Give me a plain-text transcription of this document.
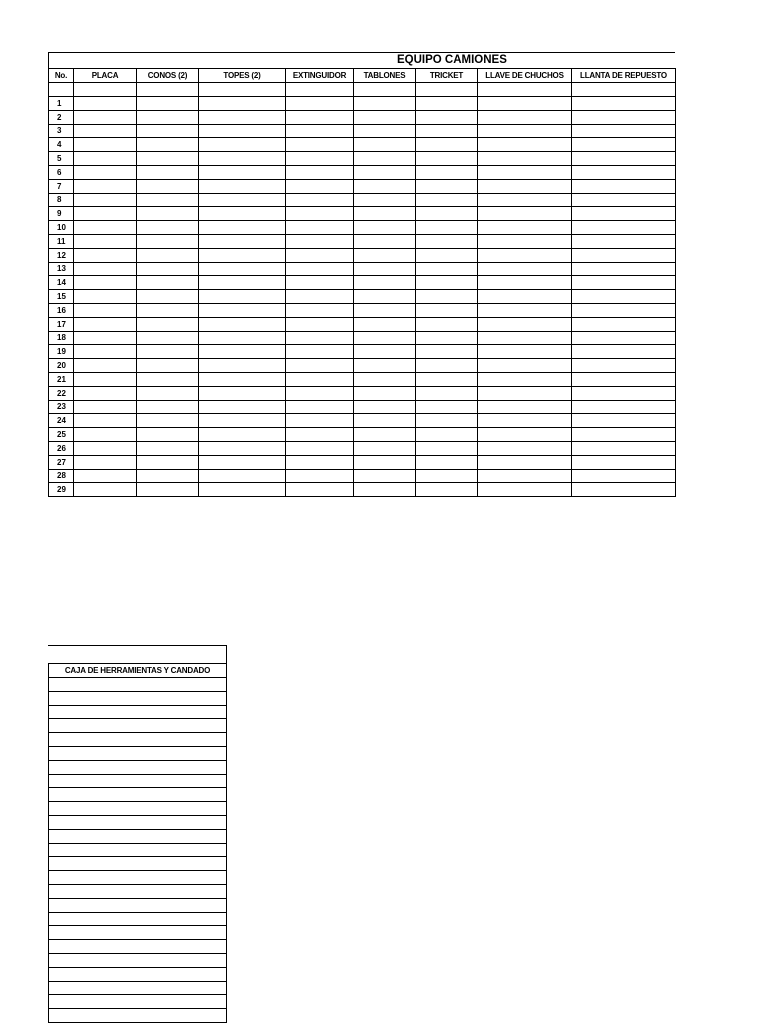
EQUIPO CAMIONES
No.	PLACA	CONOS (2)	TOPES (2)	EXTINGUIDOR	TABLONES	TRICKET	LLAVE DE CHUCHOS	LLANTA DE REPUESTO

1								
2								
3								
4								
5								
6								
7								
8								
9								
10								
11								
12								
13								
14								
15								
16								
17								
18								
19								
20								
21								
22								
23								
24								
25								
26								
27								
28								
29								
CAJA DE HERRAMIENTAS Y CANDADO
